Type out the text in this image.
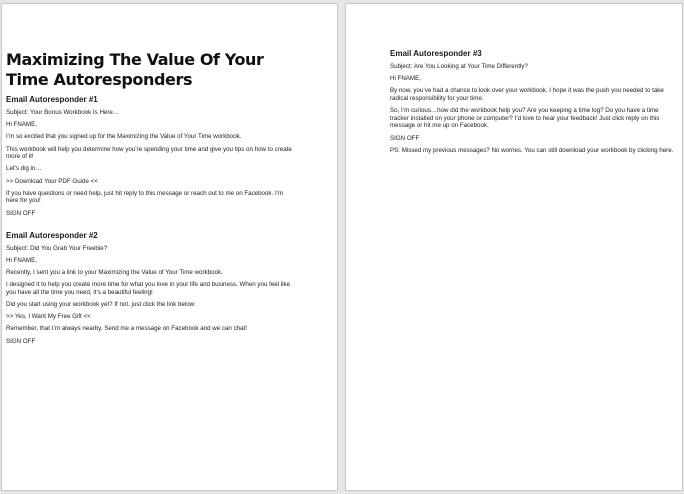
Maximizing The Value Of Your Time Autoresponders
Email Autoresponder #1
Subject: Your Bonus Workbook Is Here…
Hi FNAME,
I’m so excited that you signed up for the Maximizing the Value of Your Time workbook.
This workbook will help you determine how you’re spending your time and give you tips on how to create more of it!
Let’s dig in…
>> Download Your PDF Guide <<
If you have questions or need help, just hit reply to this message or reach out to me on Facebook. I’m here for you!
SIGN OFF
Email Autoresponder #2
Subject: Did You Grab Your Freebie?
Hi FNAME,
Recently, I sent you a link to your Maximizing the Value of Your Time workbook.
I designed it to help you create more time for what you love in your life and business. When you feel like you have all the time you need, it’s a beautiful feeling!
Did you start using your workbook yet? If not, just click the link below:
>> Yes, I Want My Free Gift <<
Remember, that I’m always nearby. Send me a message on Facebook and we can chat!
SIGN OFF
Email Autoresponder #3
Subject: Are You Looking at Your Time Differently?
Hi FNAME,
By now, you’ve had a chance to look over your workbook. I hope it was the push you needed to take radical responsibility for your time.
So, I’m curious…how did the workbook help you? Are you keeping a time log? Do you have a time tracker installed on your phone or computer? I’d love to hear your feedback! Just click reply on this message or hit me up on Facebook.
SIGN OFF
PS: Missed my previous messages? No worries. You can still download your workbook by clicking here.
